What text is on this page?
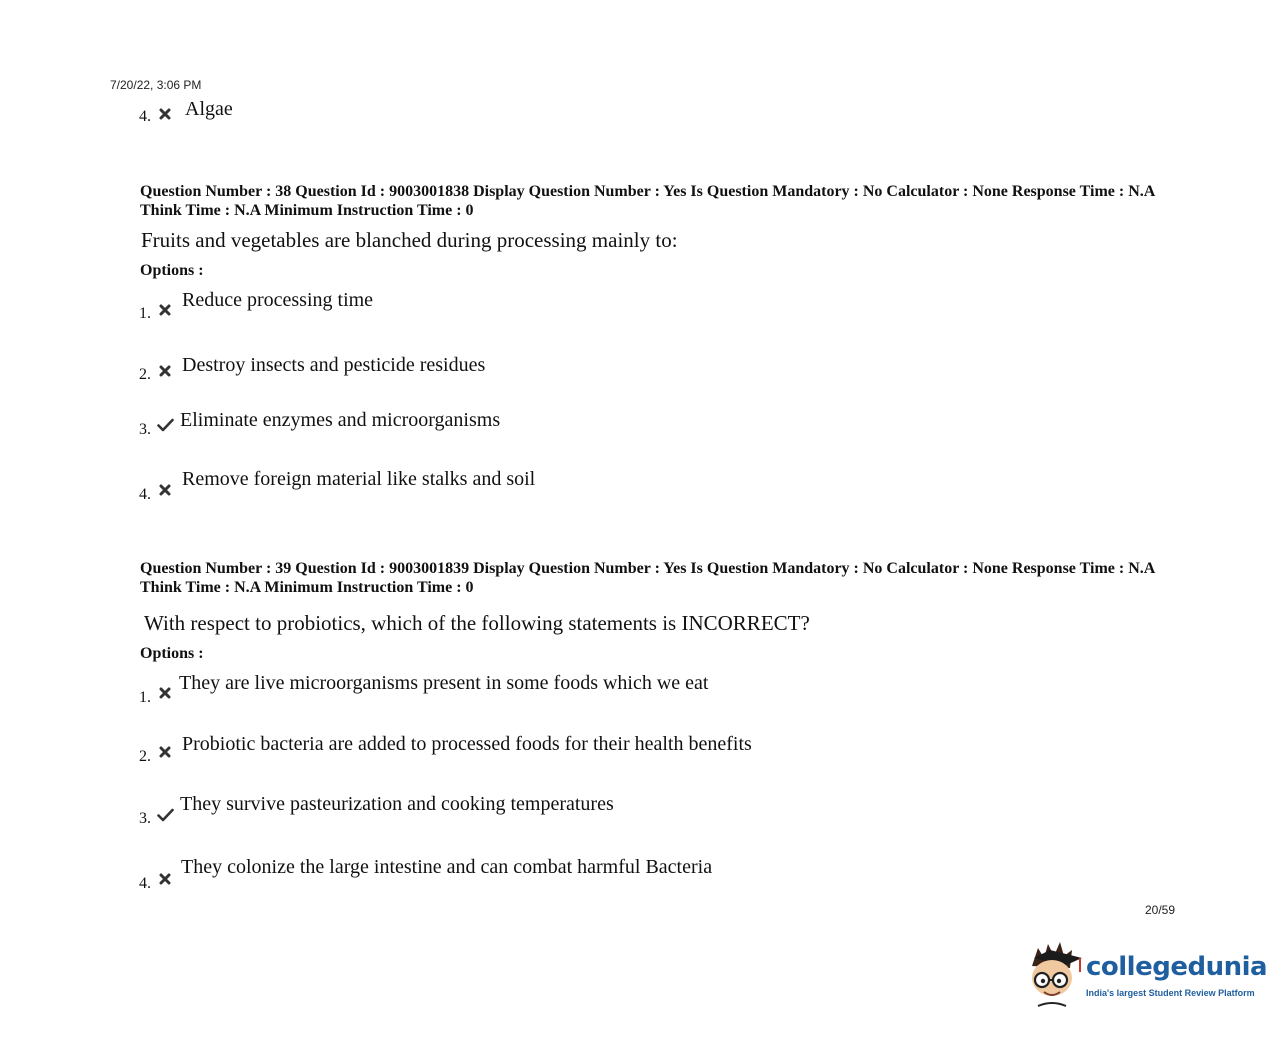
7/20/22, 3:06 PM
4. Algae
Question Number : 38 Question Id : 9003001838 Display Question Number : Yes Is Question Mandatory : No Calculator : None Response Time : N.A Think Time : N.A Minimum Instruction Time : 0
Fruits and vegetables are blanched during processing mainly to:
Options :
1.
Reduce processing time
2. Destroy insects and pesticide residues
3. Eliminate enzymes and microorganisms
4.
Remove foreign material like stalks and soil
Question Number : 39 Question Id : 9003001839 Display Question Number : Yes Is Question Mandatory : No Calculator : None Response Time : N.A Think Time : N.A Minimum Instruction Time : 0
With respect to probiotics, which of the following statements is INCORRECT?
Options :
1.
They are live microorganisms present in some foods which we eat
2.
Probiotic bacteria are added to processed foods for their health benefits
3.
They survive pasteurization and cooking temperatures
4.
They colonize the large intestine and can combat harmful Bacteria
20/59
collegedunia
India's largest Student Review Platform
